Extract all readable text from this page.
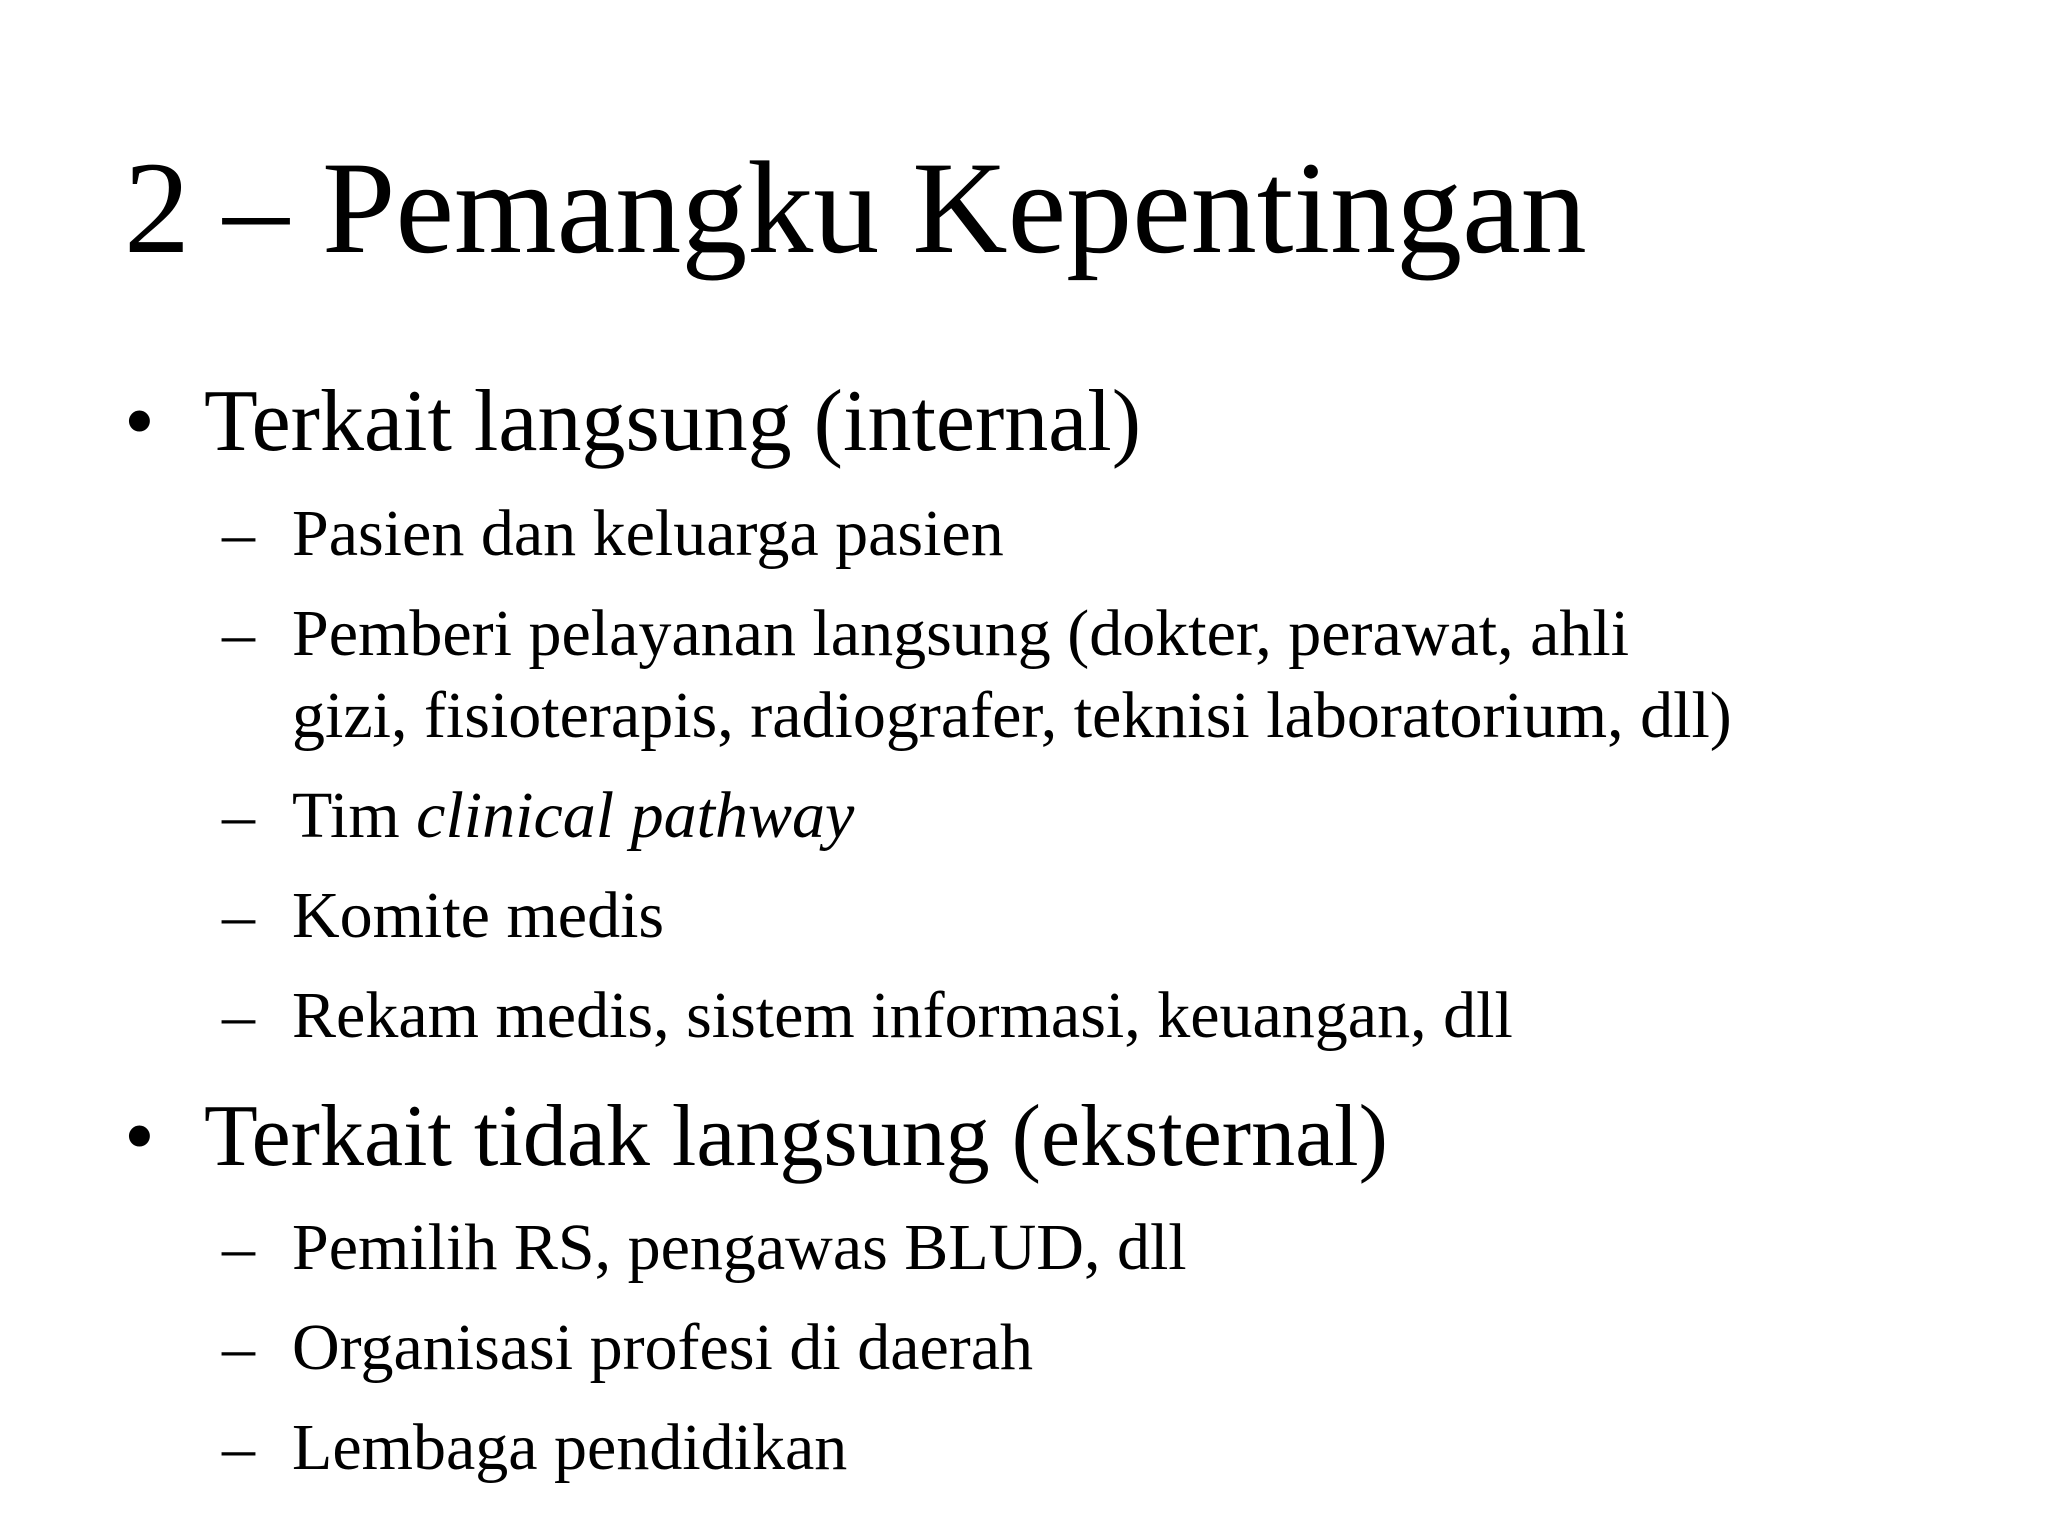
2 – Pemangku Kepentingan
• Terkait langsung (internal)
– Pasien dan keluarga pasien
– Pemberi pelayanan langsung (dokter, perawat, ahli
gizi, fisioterapis, radiografer, teknisi laboratorium, dll)
– Tim clinical pathway
– Komite medis
– Rekam medis, sistem informasi, keuangan, dll
• Terkait tidak langsung (eksternal)
– Pemilih RS, pengawas BLUD, dll
– Organisasi profesi di daerah
– Lembaga pendidikan
